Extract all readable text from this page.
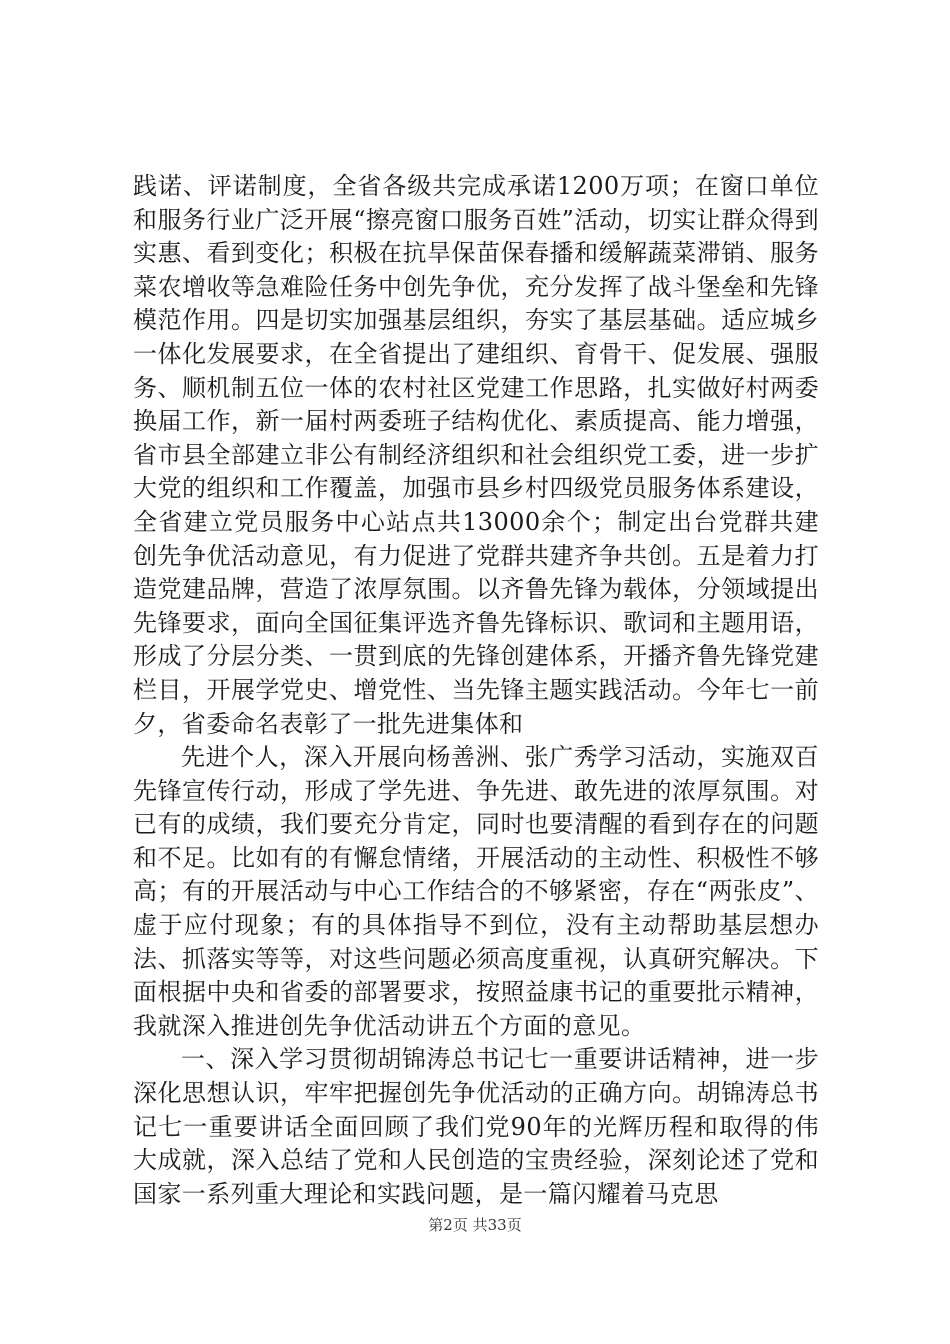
践诺、评诺制度，全省各级共完成承诺1200万项；在窗口单位和服务行业广泛开展“擦亮窗口服务百姓”活动，切实让群众得到实惠、看到变化；积极在抗旱保苗保春播和缓解蔬菜滞销、服务菜农增收等急难险任务中创先争优，充分发挥了战斗堡垒和先锋模范作用。四是切实加强基层组织，夯实了基层基础。适应城乡一体化发展要求，在全省提出了建组织、育骨干、促发展、强服务、顺机制五位一体的农村社区党建工作思路，扎实做好村两委换届工作，新一届村两委班子结构优化、素质提高、能力增强，省市县全部建立非公有制经济组织和社会组织党工委，进一步扩大党的组织和工作覆盖，加强市县乡村四级党员服务体系建设，全省建立党员服务中心站点共13000余个；制定出台党群共建创先争优活动意见，有力促进了党群共建齐争共创。五是着力打造党建品牌，营造了浓厚氛围。以齐鲁先锋为载体，分领域提出先锋要求，面向全国征集评选齐鲁先锋标识、歌词和主题用语，形成了分层分类、一贯到底的先锋创建体系，开播齐鲁先锋党建栏目，开展学党史、增党性、当先锋主题实践活动。今年七一前夕，省委命名表彰了一批先进集体和

先进个人，深入开展向杨善洲、张广秀学习活动，实施双百先锋宣传行动，形成了学先进、争先进、敢先进的浓厚氛围。对已有的成绩，我们要充分肯定，同时也要清醒的看到存在的问题和不足。比如有的有懈怠情绪，开展活动的主动性、积极性不够高；有的开展活动与中心工作结合的不够紧密，存在“两张皮”、虚于应付现象；有的具体指导不到位，没有主动帮助基层想办法、抓落实等等，对这些问题必须高度重视，认真研究解决。下面根据中央和省委的部署要求，按照益康书记的重要批示精神，我就深入推进创先争优活动讲五个方面的意见。

一、深入学习贯彻胡锦涛总书记七一重要讲话精神，进一步深化思想认识，牢牢把握创先争优活动的正确方向。胡锦涛总书记七一重要讲话全面回顾了我们党90年的光辉历程和取得的伟大成就，深入总结了党和人民创造的宝贵经验，深刻论述了党和国家一系列重大理论和实践问题，是一篇闪耀着马克思

第2页 共33页
